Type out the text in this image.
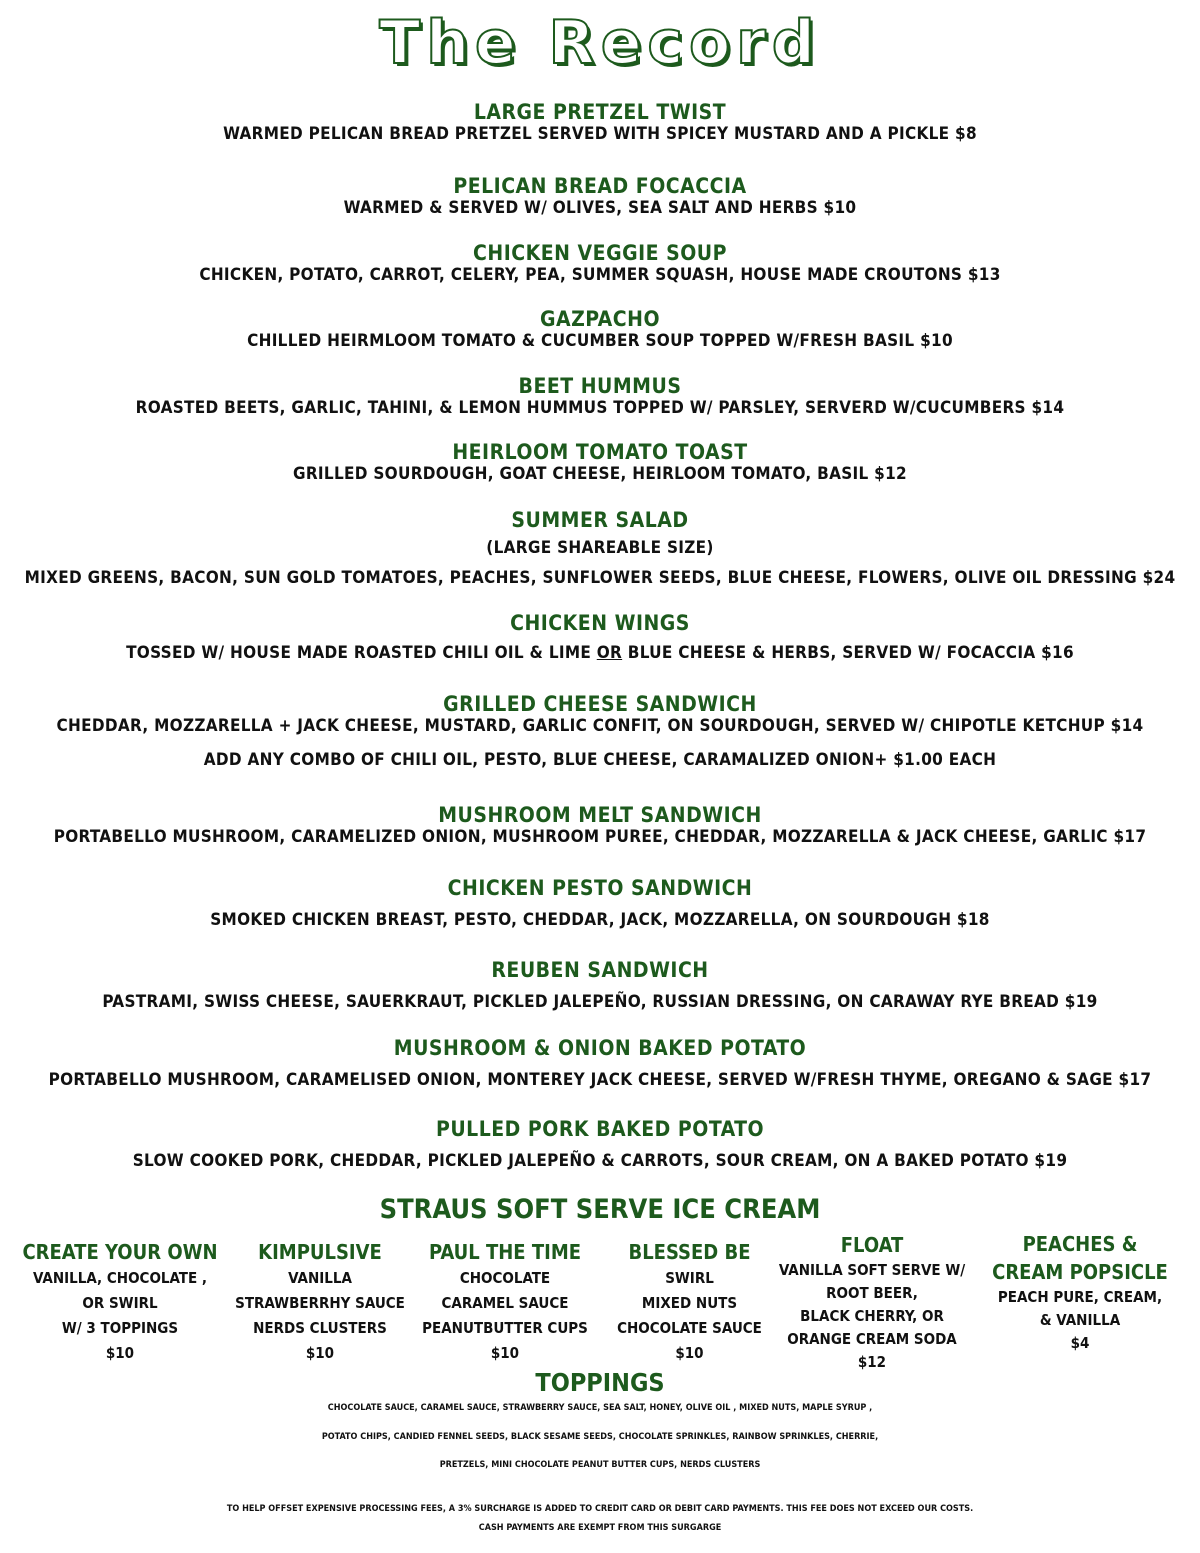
The Record
LARGE PRETZEL TWIST
WARMED PELICAN BREAD PRETZEL SERVED WITH SPICEY MUSTARD AND A PICKLE $8
PELICAN BREAD FOCACCIA
WARMED & SERVED W/ OLIVES, SEA SALT AND HERBS $10
CHICKEN VEGGIE SOUP
CHICKEN, POTATO, CARROT, CELERY, PEA, SUMMER SQUASH, HOUSE MADE CROUTONS $13
GAZPACHO
CHILLED HEIRMLOOM TOMATO & CUCUMBER SOUP TOPPED W/FRESH BASIL $10
BEET HUMMUS
ROASTED BEETS, GARLIC, TAHINI, & LEMON HUMMUS TOPPED W/ PARSLEY, SERVERD W/CUCUMBERS $14
HEIRLOOM TOMATO TOAST
GRILLED SOURDOUGH, GOAT CHEESE, HEIRLOOM TOMATO, BASIL $12
SUMMER SALAD
(LARGE SHAREABLE SIZE)
MIXED GREENS, BACON, SUN GOLD TOMATOES, PEACHES, SUNFLOWER SEEDS, BLUE CHEESE, FLOWERS, OLIVE OIL DRESSING $24
CHICKEN WINGS
TOSSED W/ HOUSE MADE ROASTED CHILI OIL & LIME OR BLUE CHEESE & HERBS, SERVED W/ FOCACCIA $16
GRILLED CHEESE SANDWICH
CHEDDAR, MOZZARELLA + JACK CHEESE, MUSTARD, GARLIC CONFIT, ON SOURDOUGH, SERVED W/ CHIPOTLE KETCHUP $14
ADD ANY COMBO OF CHILI OIL, PESTO, BLUE CHEESE, CARAMALIZED ONION+ $1.00 EACH
MUSHROOM MELT SANDWICH
PORTABELLO MUSHROOM, CARAMELIZED ONION, MUSHROOM PUREE, CHEDDAR, MOZZARELLA & JACK CHEESE, GARLIC $17
CHICKEN PESTO SANDWICH
SMOKED CHICKEN BREAST, PESTO, CHEDDAR, JACK, MOZZARELLA, ON SOURDOUGH $18
REUBEN SANDWICH
PASTRAMI, SWISS CHEESE, SAUERKRAUT, PICKLED JALEPEÑO, RUSSIAN DRESSING, ON CARAWAY RYE BREAD $19
MUSHROOM & ONION BAKED POTATO
PORTABELLO MUSHROOM, CARAMELISED ONION, MONTEREY JACK CHEESE, SERVED W/FRESH THYME, OREGANO & SAGE $17
PULLED PORK BAKED POTATO
SLOW COOKED PORK, CHEDDAR, PICKLED JALEPEÑO & CARROTS, SOUR CREAM, ON A BAKED POTATO $19
STRAUS SOFT SERVE ICE CREAM
CREATE YOUR OWN
VANILLA, CHOCOLATE ,
OR SWIRL
W/ 3 TOPPINGS
$10
KIMPULSIVE
VANILLA
STRAWBERRHY SAUCE
NERDS CLUSTERS
$10
PAUL THE TIME
CHOCOLATE
CARAMEL SAUCE
PEANUTBUTTER CUPS
$10
BLESSED BE
SWIRL
MIXED NUTS
CHOCOLATE SAUCE
$10
FLOAT
VANILLA SOFT SERVE W/
ROOT BEER,
BLACK CHERRY, OR
ORANGE CREAM SODA
$12
PEACHES & CREAM POPSICLE
PEACH PURE, CREAM,
& VANILLA
$4
TOPPINGS
CHOCOLATE SAUCE, CARAMEL SAUCE, STRAWBERRY SAUCE, SEA SALT, HONEY, OLIVE OIL , MIXED NUTS, MAPLE SYRUP ,
POTATO CHIPS, CANDIED FENNEL SEEDS, BLACK SESAME SEEDS, CHOCOLATE SPRINKLES, RAINBOW SPRINKLES, CHERRIE,
PRETZELS, MINI CHOCOLATE PEANUT BUTTER CUPS, NERDS CLUSTERS
TO HELP OFFSET EXPENSIVE PROCESSING FEES, A 3% SURCHARGE IS ADDED TO CREDIT CARD OR DEBIT CARD PAYMENTS. THIS FEE DOES NOT EXCEED OUR COSTS.
CASH PAYMENTS ARE EXEMPT FROM THIS SURGARGE
